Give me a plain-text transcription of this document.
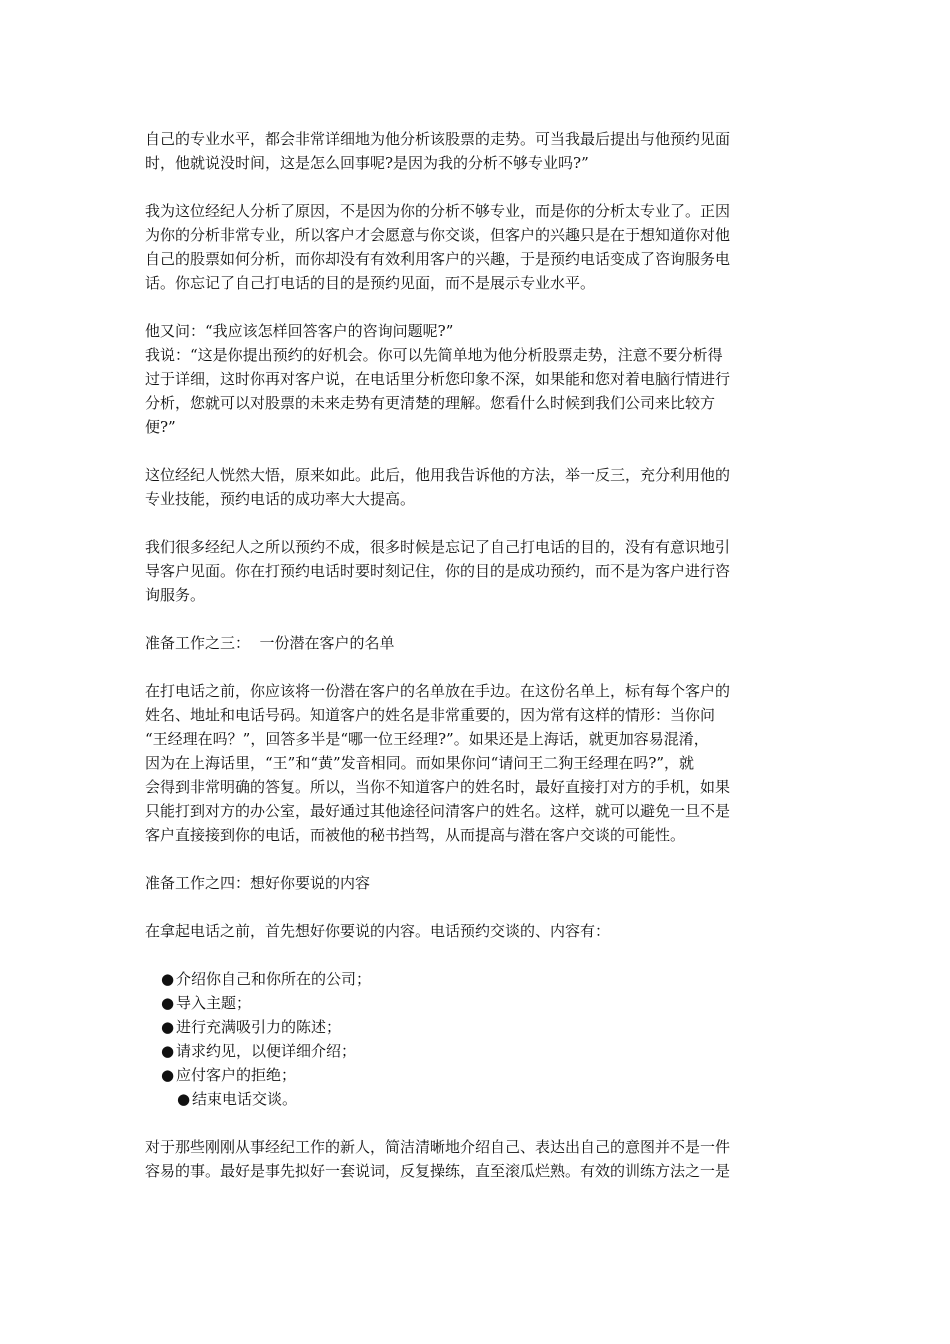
自己的专业水平，都会非常详细地为他分析该股票的走势。可当我最后提出与他预约见面
时，他就说没时间，这是怎么回事呢?是因为我的分析不够专业吗?”

我为这位经纪人分析了原因，不是因为你的分析不够专业，而是你的分析太专业了。正因
为你的分析非常专业，所以客户才会愿意与你交谈，但客户的兴趣只是在于想知道你对他
自己的股票如何分析，而你却没有有效利用客户的兴趣，于是预约电话变成了咨询服务电
话。你忘记了自己打电话的目的是预约见面，而不是展示专业水平。

他又问：“我应该怎样回答客户的咨询问题呢?”

我说：“这是你提出预约的好机会。你可以先简单地为他分析股票走势，注意不要分析得
过于详细，这时你再对客户说，在电话里分析您印象不深，如果能和您对着电脑行情进行
分析，您就可以对股票的未来走势有更清楚的理解。您看什么时候到我们公司来比较方
便?”

这位经纪人恍然大悟，原来如此。此后，他用我告诉他的方法，举一反三，充分利用他的
专业技能，预约电话的成功率大大提高。

我们很多经纪人之所以预约不成，很多时候是忘记了自己打电话的目的，没有有意识地引
导客户见面。你在打预约电话时要时刻记住，你的目的是成功预约，而不是为客户进行咨
询服务。

准备工作之三：  一份潜在客户的名单

在打电话之前，你应该将一份潜在客户的名单放在手边。在这份名单上，标有每个客户的
姓名、地址和电话号码。知道客户的姓名是非常重要的，因为常有这样的情形：当你问
“王经理在吗？”，回答多半是“哪一位王经理?”。如果还是上海话，就更加容易混淆，
因为在上海话里，“王”和“黄”发音相同。而如果你问“请问王二狗王经理在吗?”，就
会得到非常明确的答复。所以，当你不知道客户的姓名时，最好直接打对方的手机，如果
只能打到对方的办公室，最好通过其他途径问清客户的姓名。这样，就可以避免一旦不是
客户直接接到你的电话，而被他的秘书挡驾，从而提高与潜在客户交谈的可能性。

准备工作之四：想好你要说的内容

在拿起电话之前，首先想好你要说的内容。电话预约交谈的、内容有：

● 介绍你自己和你所在的公司；
● 导入主题；
● 进行充满吸引力的陈述；
● 请求约见，以便详细介绍；
● 应付客户的拒绝；
● 结束电话交谈。

对于那些刚刚从事经纪工作的新人，简洁清晰地介绍自己、表达出自己的意图并不是一件
容易的事。最好是事先拟好一套说词，反复操练，直至滚瓜烂熟。有效的训练方法之一是
